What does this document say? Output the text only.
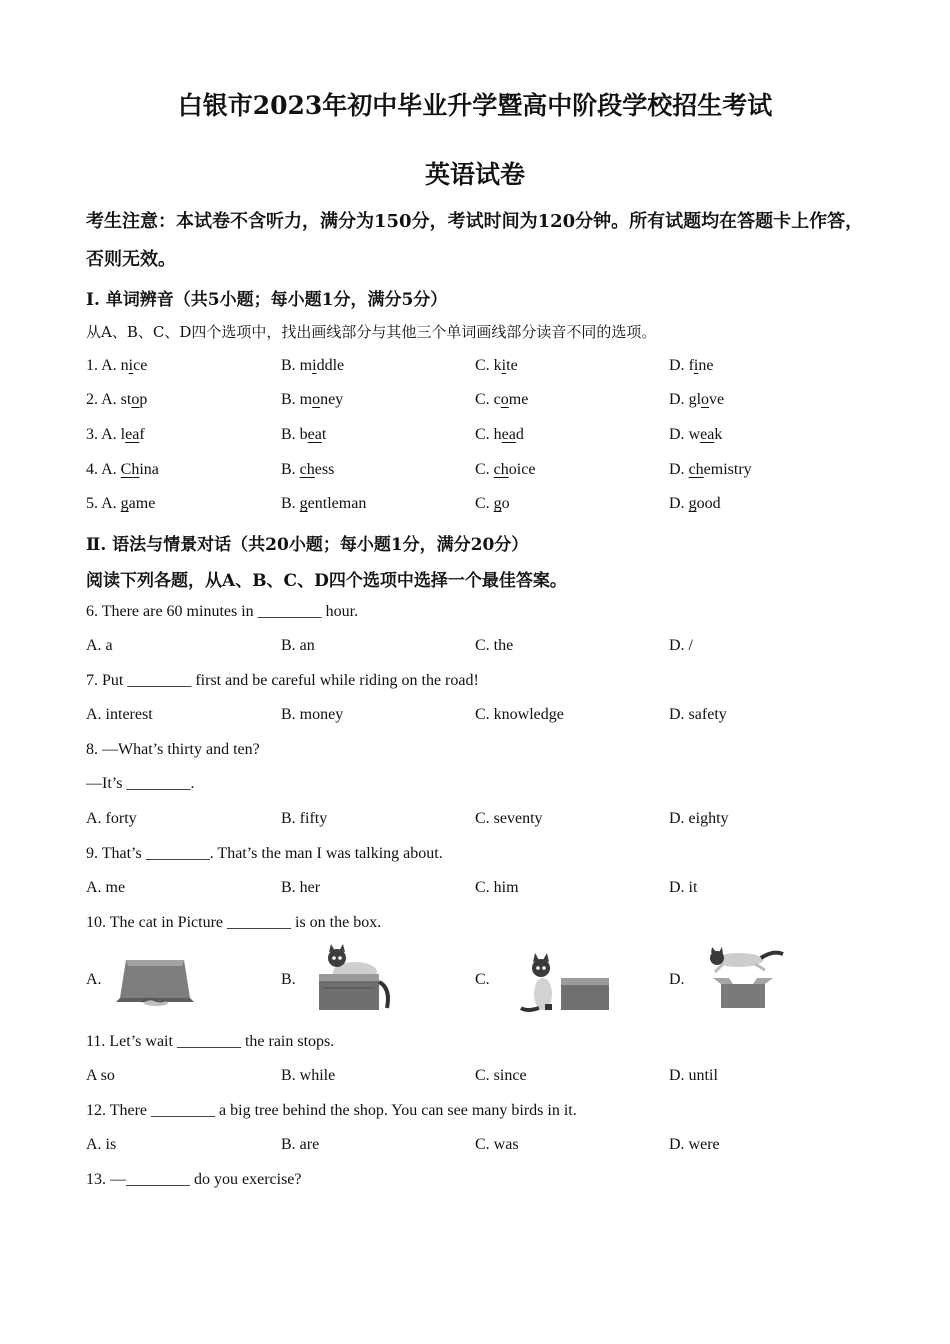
白银市2023年初中毕业升学暨高中阶段学校招生考试
英语试卷
考生注意：本试卷不含听力，满分为150分，考试时间为120分钟。所有试题均在答题卡上作答，否则无效。
Ⅰ. 单词辨音（共5小题；每小题1分，满分5分）
从A、B、C、D四个选项中，找出画线部分与其他三个单词画线部分读音不同的选项。
1. A. nice	B. middle	C. kite	D. fine
2. A. stop	B. money	C. come	D. glove
3. A. leaf	B. beat	C. head	D. weak
4. A. China	B. chess	C. choice	D. chemistry
5. A. game	B. gentleman	C. go	D. good
Ⅱ. 语法与情景对话（共20小题；每小题1分，满分20分）
阅读下列各题，从A、B、C、D四个选项中选择一个最佳答案。
6. There are 60 minutes in ________ hour.
A. a	B. an	C. the	D. /
7. Put ________ first and be careful while riding on the road!
A. interest	B. money	C. knowledge	D. safety
8. —What’s thirty and ten?
—It’s ________.
A. forty	B. fifty	C. seventy	D. eighty
9. That’s ________. That’s the man I was talking about.
A. me	B. her	C. him	D. it
10. The cat in Picture ________ is on the box.
A.	B.	C.	D.
11. Let’s wait ________ the rain stops.
A so	B. while	C. since	D. until
12. There ________ a big tree behind the shop. You can see many birds in it.
A. is	B. are	C. was	D. were
13. —________ do you exercise?
